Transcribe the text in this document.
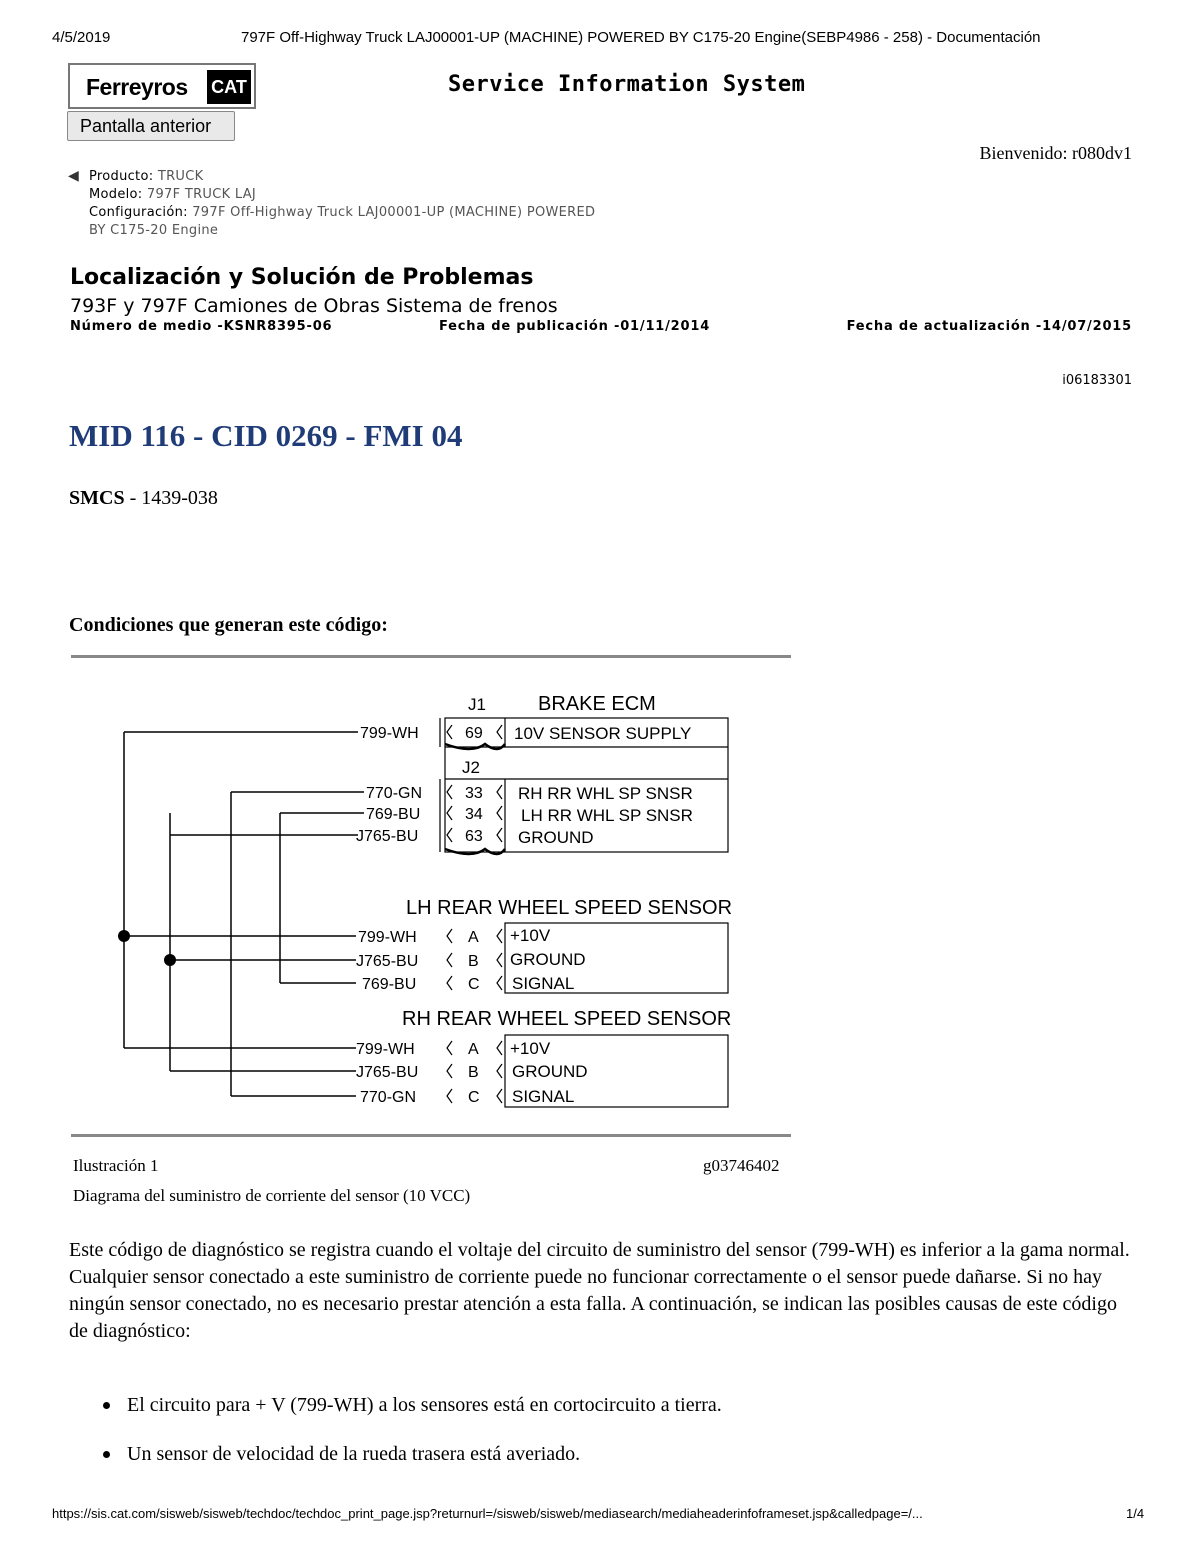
4/5/2019	797F Off-Highway Truck LAJ00001-UP (MACHINE) POWERED BY C175-20 Engine(SEBP4986 - 258) - Documentación
Ferreyros CAT
Pantalla anterior
Service Information System
Bienvenido: r080dv1
◀ Producto: TRUCK
Modelo: 797F TRUCK LAJ
Configuración: 797F Off-Highway Truck LAJ00001-UP (MACHINE) POWERED
BY C175-20 Engine
Localización y Solución de Problemas
793F y 797F Camiones de Obras Sistema de frenos
Número de medio -KSNR8395-06	Fecha de publicación -01/11/2014	Fecha de actualización -14/07/2015
i06183301
MID 116 - CID 0269 - FMI 04
SMCS - 1439-038
Condiciones que generan este código:
J1	BRAKE ECM
J2
799-WH	69 10V SENSOR SUPPLY
770-GN	33 RH RR WHL SP SNSR
769-BU	34 LH RR WHL SP SNSR
J765-BU	63 GROUND
LH REAR WHEEL SPEED SENSOR
799-WH	A +10V
J765-BU	B GROUND
769-BU	C SIGNAL
RH REAR WHEEL SPEED SENSOR
799-WH	A +10V
J765-BU	B GROUND
770-GN	C SIGNAL
Ilustración 1	g03746402
Diagrama del suministro de corriente del sensor (10 VCC)

Este código de diagnóstico se registra cuando el voltaje del circuito de suministro del sensor (799-WH) es inferior a la gama normal.

Cualquier sensor conectado a este suministro de corriente puede no funcionar correctamente o el sensor puede dañarse. Si no hay ningún sensor conectado, no es necesario prestar atención a esta falla. A continuación, se indican las posibles causas de este código de diagnóstico:

El circuito para + V (799-WH) a los sensores está en cortocircuito a tierra.
Un sensor de velocidad de la rueda trasera está averiado.
https://sis.cat.com/sisweb/sisweb/techdoc/techdoc_print_page.jsp?returnurl=/sisweb/sisweb/mediasearch/mediaheaderinfoframeset.jsp&calledpage=/...	1/4
